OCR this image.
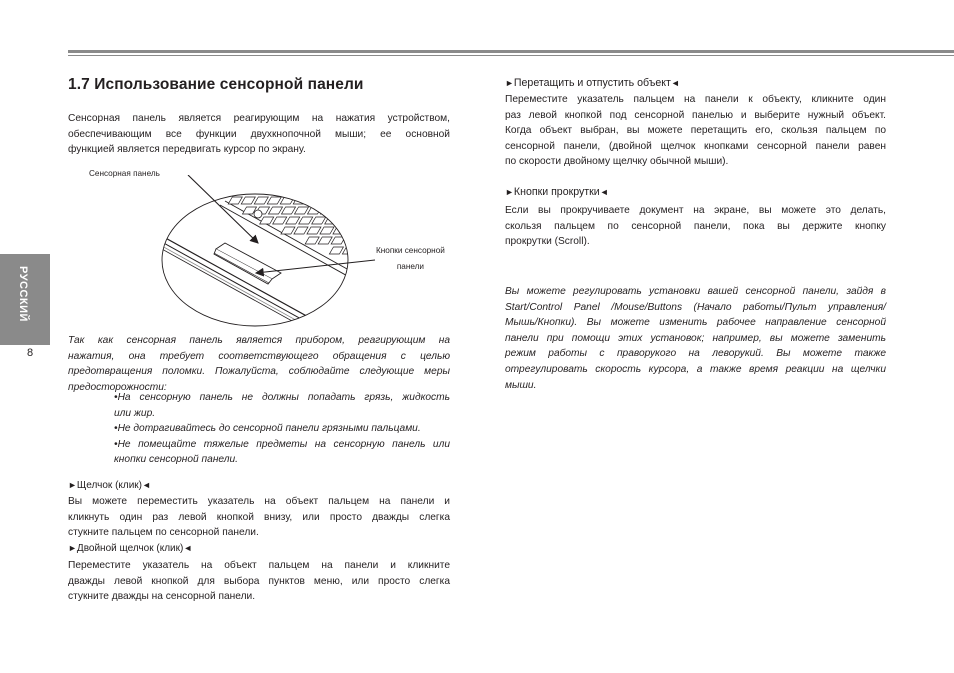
1.7 Использование сенсорной панели
Сенсорная панель является реагирующим на нажатия устройством,
обеспечивающим все функции двухкнопочной мыши; ее основной
функцией является передвигать курсор по экрану.
Сенсорная панель
Кнопки сенсорной
панели
РУССКИЙ
8
Так как сенсорная панель является прибором, реагирующим на
нажатия, она требует соответствующего обращения с целью
предотвращения поломки. Пожалуйста, соблюдайте следующие меры
предосторожности:
•На сенсорную панель не должны попадать грязь, жидкость
или жир.
•Не дотрагивайтесь до сенсорной панели грязными пальцами.
•Не помещайте тяжелые предметы на сенсорную панель или
кнопки сенсорной панели.
►Щелчок (клик)◄
Вы можете переместить указатель на объект пальцем на панели и
кликнуть один раз левой кнопкой внизу, или просто дважды слегка
стукните пальцем по сенсорной панели.
►Двойной щелчок (клик)◄
Переместите указатель на объект пальцем на панели и кликните
дважды левой кнопкой для выбора пунктов меню, или просто слегка
стукните дважды на сенсорной панели.
►Перетащить и отпустить объект◄
Переместите указатель пальцем на панели к объекту, кликните один
раз левой кнопкой под сенсорной панелью и выберите нужный объект.
Когда объект выбран, вы можете перетащить его, скользя пальцем по
сенсорной панели, (двойной щелчок кнопками сенсорной панели равен
по скорости двойному щелчку обычной мыши).
►Кнопки прокрутки◄
Если вы прокручиваете документ на экране, вы можете это делать,
скользя пальцем по сенсорной панели, пока вы держите кнопку
прокрутки (Scroll).
Вы можете регулировать установки вашей сенсорной панели, зайдя в
Start/Control Panel /Mouse/Buttons (Начало работы/Пульт управления/
Мышь/Кнопки). Вы можете изменить рабочее направление сенсорной
панели при помощи этих установок; например, вы можете заменить
режим работы с праворукого на леворукий. Вы можете также
отрегулировать скорость курсора, а также время реакции на щелчки
мыши.
